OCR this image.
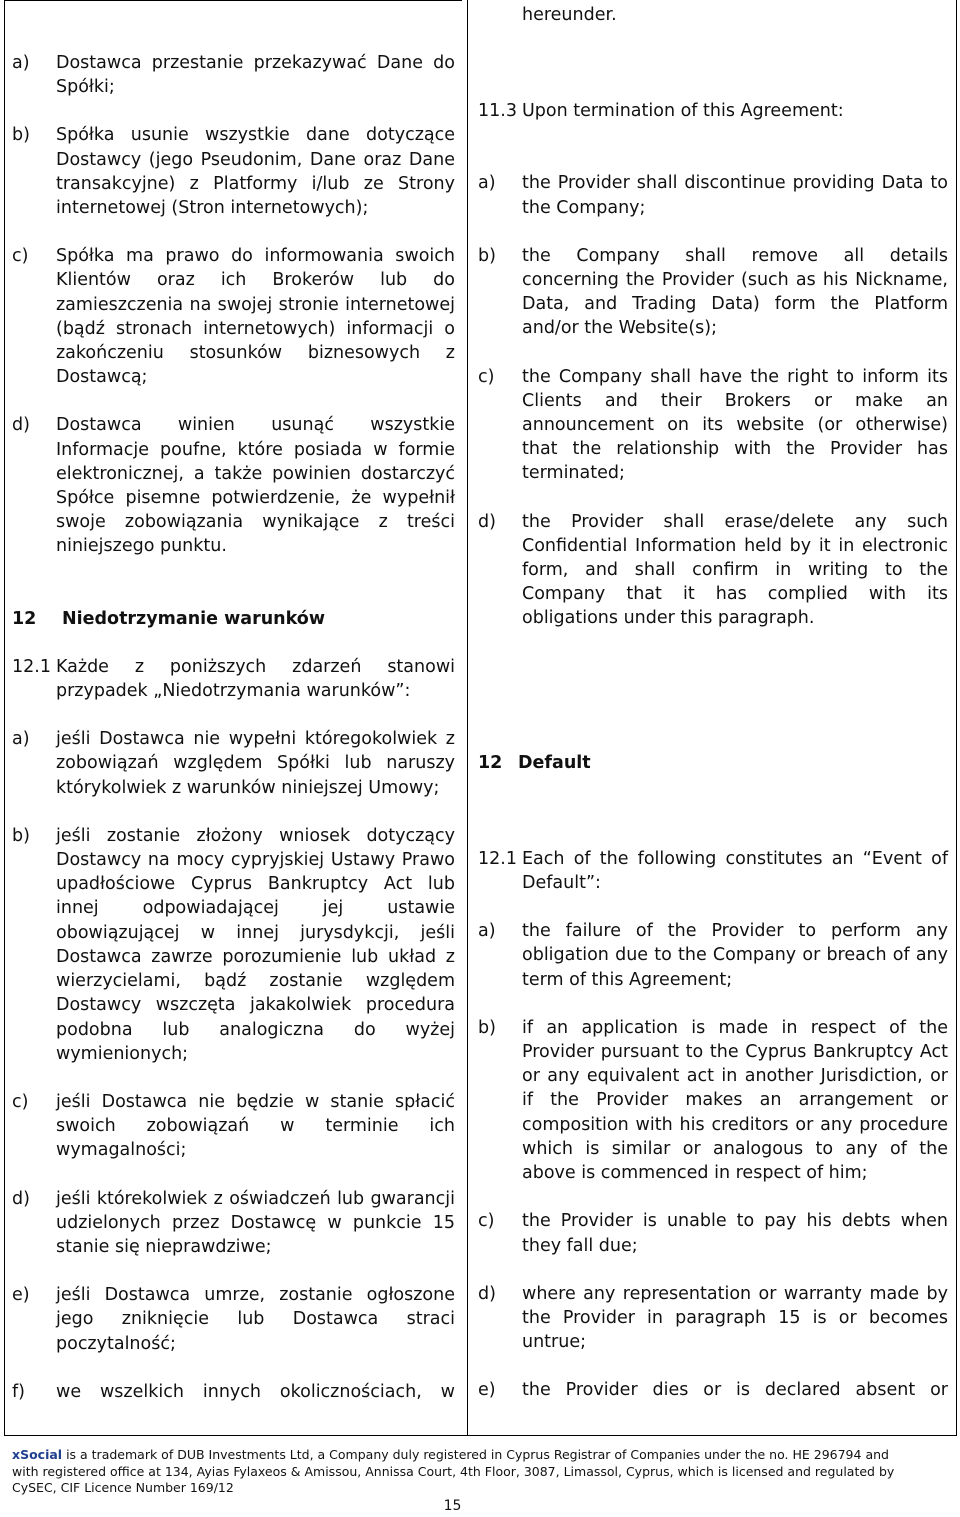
a) Dostawca przestanie przekazywać Dane do Spółki;
b) Spółka usunie wszystkie dane dotyczące Dostawcy (jego Pseudonim, Dane oraz Dane transakcyjne) z Platformy i/lub ze Strony internetowej (Stron internetowych);
c) Spółka ma prawo do informowania swoich Klientów oraz ich Brokerów lub do zamieszczenia na swojej stronie internetowej (bądź stronach internetowych) informacji o zakończeniu stosunków biznesowych z Dostawcą;
d) Dostawca winien usunąć wszystkie Informacje poufne, które posiada w formie elektronicznej, a także powinien dostarczyć Spółce pisemne potwierdzenie, że wypełnił swoje zobowiązania wynikające z treści niniejszego punktu.
12 Niedotrzymanie warunków
12.1 Każde z poniższych zdarzeń stanowi przypadek „Niedotrzymania warunków”:
a) jeśli Dostawca nie wypełni któregokolwiek z zobowiązań względem Spółki lub naruszy którykolwiek z warunków niniejszej Umowy;
b) jeśli zostanie złożony wniosek dotyczący Dostawcy na mocy cypryjskiej Ustawy Prawo upadłościowe Cyprus Bankruptcy Act lub innej odpowiadającej jej ustawie obowiązującej w innej jurysdykcji, jeśli Dostawca zawrze porozumienie lub układ z wierzycielami, bądź zostanie względem Dostawcy wszczęta jakakolwiek procedura podobna lub analogiczna do wyżej wymienionych;
c) jeśli Dostawca nie będzie w stanie spłacić swoich zobowiązań w terminie ich wymagalności;
d) jeśli którekolwiek z oświadczeń lub gwarancji udzielonych przez Dostawcę w punkcie 15 stanie się nieprawdziwe;
e) jeśli Dostawca umrze, zostanie ogłoszone jego zniknięcie lub Dostawca straci poczytalność;
f) we wszelkich innych okolicznościach, w
hereunder.
11.3 Upon termination of this Agreement:
a) the Provider shall discontinue providing Data to the Company;
b) the Company shall remove all details concerning the Provider (such as his Nickname, Data, and Trading Data) form the Platform and/or the Website(s);
c) the Company shall have the right to inform its Clients and their Brokers or make an announcement on its website (or otherwise) that the relationship with the Provider has terminated;
d) the Provider shall erase/delete any such Confidential Information held by it in electronic form, and shall confirm in writing to the Company that it has complied with its obligations under this paragraph.
12 Default
12.1 Each of the following constitutes an “Event of Default”:
a) the failure of the Provider to perform any obligation due to the Company or breach of any term of this Agreement;
b) if an application is made in respect of the Provider pursuant to the Cyprus Bankruptcy Act or any equivalent act in another Jurisdiction, or if the Provider makes an arrangement or composition with his creditors or any procedure which is similar or analogous to any of the above is commenced in respect of him;
c) the Provider is unable to pay his debts when they fall due;
d) where any representation or warranty made by the Provider in paragraph 15 is or becomes untrue;
e) the Provider dies or is declared absent or
xSocial is a trademark of DUB Investments Ltd, a Company duly registered in Cyprus Registrar of Companies under the no. HE 296794 and with registered office at 134, Ayias Fylaxeos & Amissou, Annissa Court, 4th Floor, 3087, Limassol, Cyprus, which is licensed and regulated by CySEC, CIF Licence Number 169/12
15
